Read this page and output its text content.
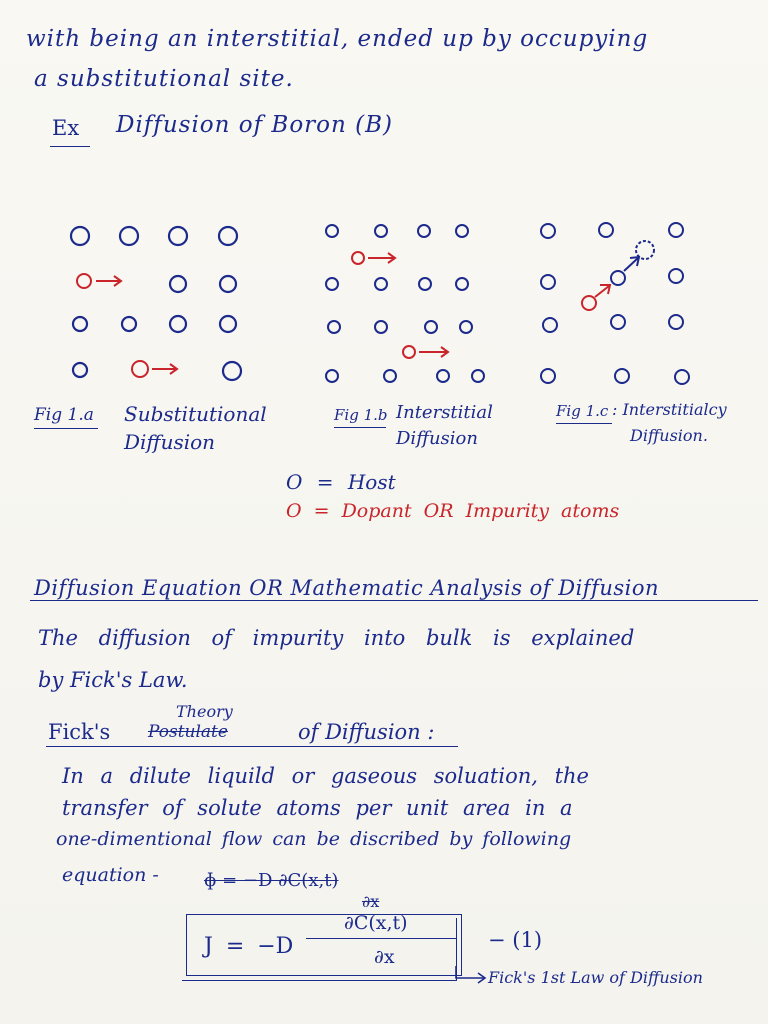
with being an interstitial, ended up by occupying
a substitutional site.
Ex Diffusion of Boron (B)
Fig 1.a Substitutional
Diffusion
Fig 1.b Interstitial
Diffusion
Fig 1.c : Interstitialcy
Diffusion.
O = Host
O = Dopant OR Impurity atoms
Diffusion Equation OR Mathematic Analysis of Diffusion
The diffusion of impurity into bulk is explained
by Fick's Law.
Fick's Postulate
Theory
of Diffusion :
In a dilute liquild or gaseous soluation, the
transfer of solute atoms per unit area in a
one-dimentional flow can be discribed by following
equation -	ɸ = −D ∂C(x,t)
∂x
J = −D
∂C(x,t)
∂x
− (1)
Fick's 1st Law of Diffusion
